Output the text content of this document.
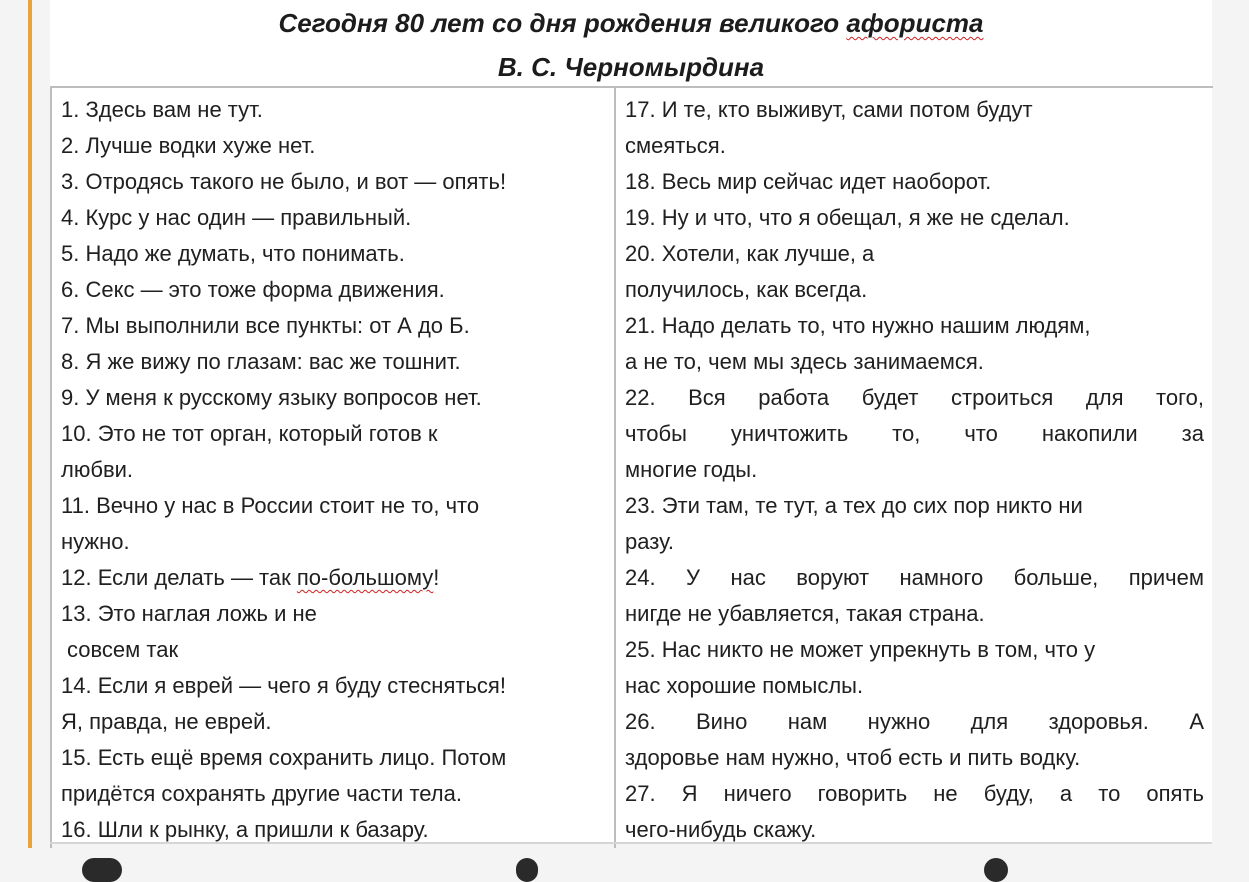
Сегодня 80 лет со дня рождения великого афориста
В. С. Черномырдина
1. Здесь вам не тут.
2. Лучше водки хуже нет.
3. Отродясь такого не было, и вот — опять!
4. Курс у нас один — правильный.
5. Надо же думать, что понимать.
6. Секс — это тоже форма движения.
7. Мы выполнили все пункты: от А до Б.
8. Я же вижу по глазам: вас же тошнит.
9. У меня к русскому языку вопросов нет.
10. Это не тот орган, который готов к
любви.
11. Вечно у нас в России стоит не то, что
нужно.
12. Если делать — так по-большому!
13. Это наглая ложь и не
совсем так
14. Если я еврей — чего я буду стесняться!
Я, правда, не еврей.
15. Есть ещё время сохранить лицо. Потом
придётся сохранять другие части тела.
16. Шли к рынку, а пришли к базару.

17. И те, кто выживут, сами потом будут
смеяться.
18. Весь мир сейчас идет наоборот.
19. Ну и что, что я обещал, я же не сделал.
20. Хотели, как лучше, а
получилось, как всегда.
21. Надо делать то, что нужно нашим людям,
а не то, чем мы здесь занимаемся.
22. Вся работа будет строиться для того,
чтобы уничтожить то, что накопили за
многие годы.
23. Эти там, те тут, а тех до сих пор никто ни
разу.
24. У нас воруют намного больше, причем
нигде не убавляется, такая страна.
25. Нас никто не может упрекнуть в том, что у
нас хорошие помыслы.
26. Вино нам нужно для здоровья. А
здоровье нам нужно, чтоб есть и пить водку.
27. Я ничего говорить не буду, а то опять
чего-нибудь скажу.
